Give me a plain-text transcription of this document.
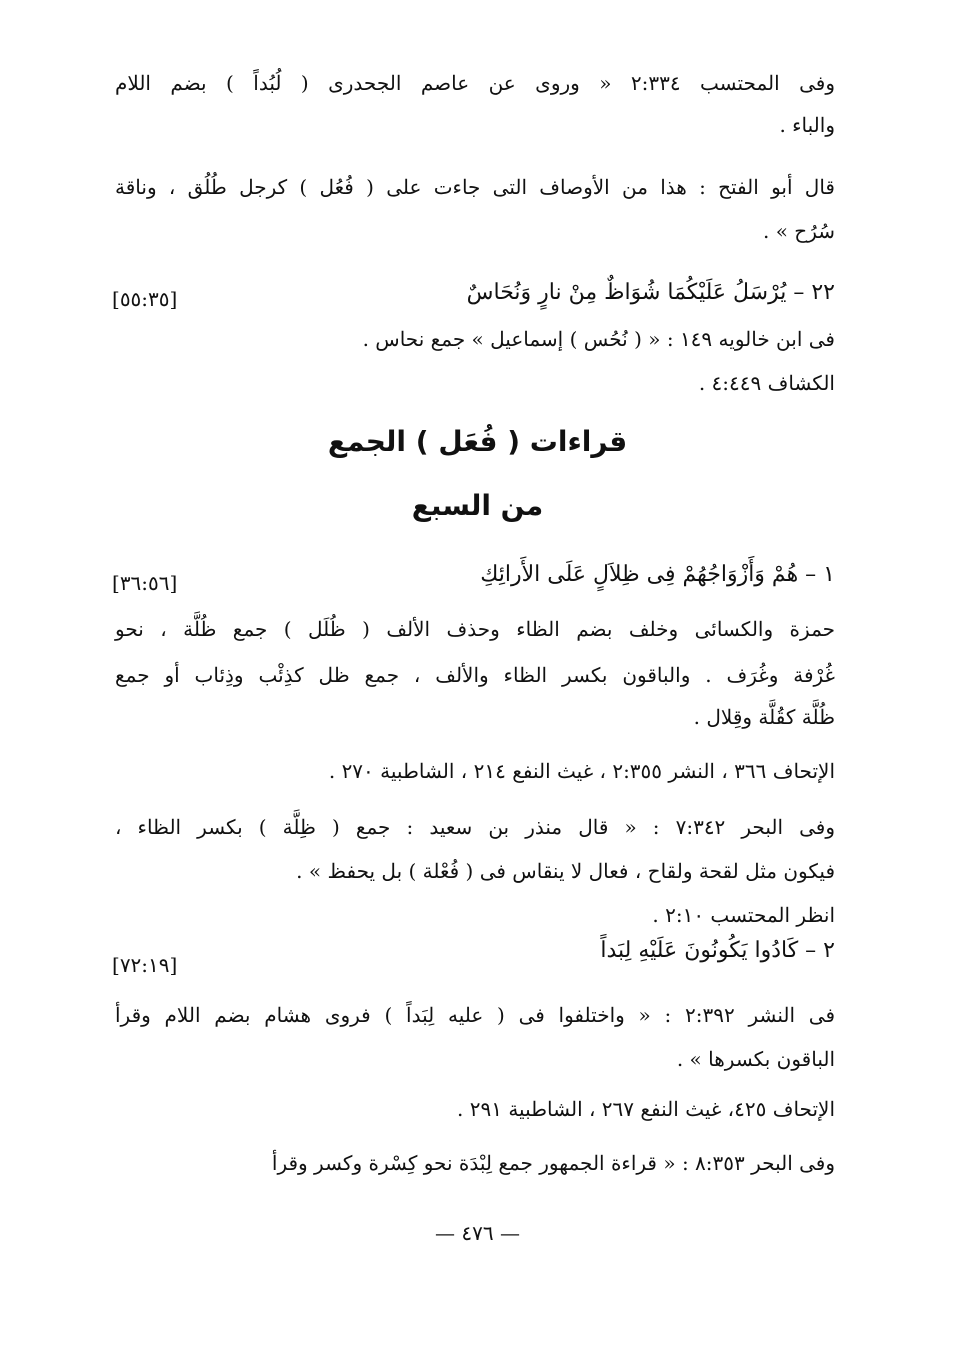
وفى المحتسب ٢:٣٣٤ « وروى عن عاصم الجحدرى ( لُبُداً ) بضم اللام
والباء .
قال أبو الفتح : هذا من الأوصاف التى جاءت على ( فُعُل ) كرجل طُلُق ، وناقة
سُرُح » .
٢٢ – يُرْسَلُ عَلَيْكُمَا شُوَاظٌ مِنْ نارٍ وَنُحَاسٌ
[٥٥:٣٥]
فى ابن خالويه ١٤٩ : « ( نُحُس ) إسماعيل » جمع نحاس .
الكشاف ٤:٤٤٩ .
قراءات ( فُعَل ) الجمع
من السبع
١ – هُمْ وَأَزْوَاجُهُمْ فِى ظِلاَلٍ عَلَى الأَرائِكِ
[٣٦:٥٦]
حمزة والكسائى وخلف بضم الظاء وحذف الألف ( ظُلَل ) جمع ظُلَّة ، نحو
غُرْفة وغُرَف . والباقون بكسر الظاء والألف ، جمع ظل كذِئْب وذِئاب أو جمع
ظُلَّة كقُلَّة وقِلال .
الإتحاف ٣٦٦ ، النشر ٢:٣٥٥ ، غيث النفع ٢١٤ ، الشاطبية ٢٧٠ .
وفى البحر ٧:٣٤٢ : « قال منذر بن سعيد : جمع ( ظِلَّة ) بكسر الظاء ،
فيكون مثل لقحة ولقاح ، فعال لا ينقاس فى ( فُعْلة ) بل يحفظ » .
انظر المحتسب ٢:١٠ .
٢ – كَادُوا يَكُونُونَ عَلَيْهِ لِبَداً
[٧٢:١٩]
فى النشر ٢:٣٩٢ : « واختلفوا فى ( عليه لِبَداً ) فروى هشام بضم اللام وقرأ
الباقون بكسرها » .
الإتحاف ٤٢٥، غيث النفع ٢٦٧ ، الشاطبية ٢٩١ .
وفى البحر ٨:٣٥٣ : « قراءة الجمهور جمع لِبْدَة نحو كِسْرة وكسر وقرأ
— ٤٧٦ —
